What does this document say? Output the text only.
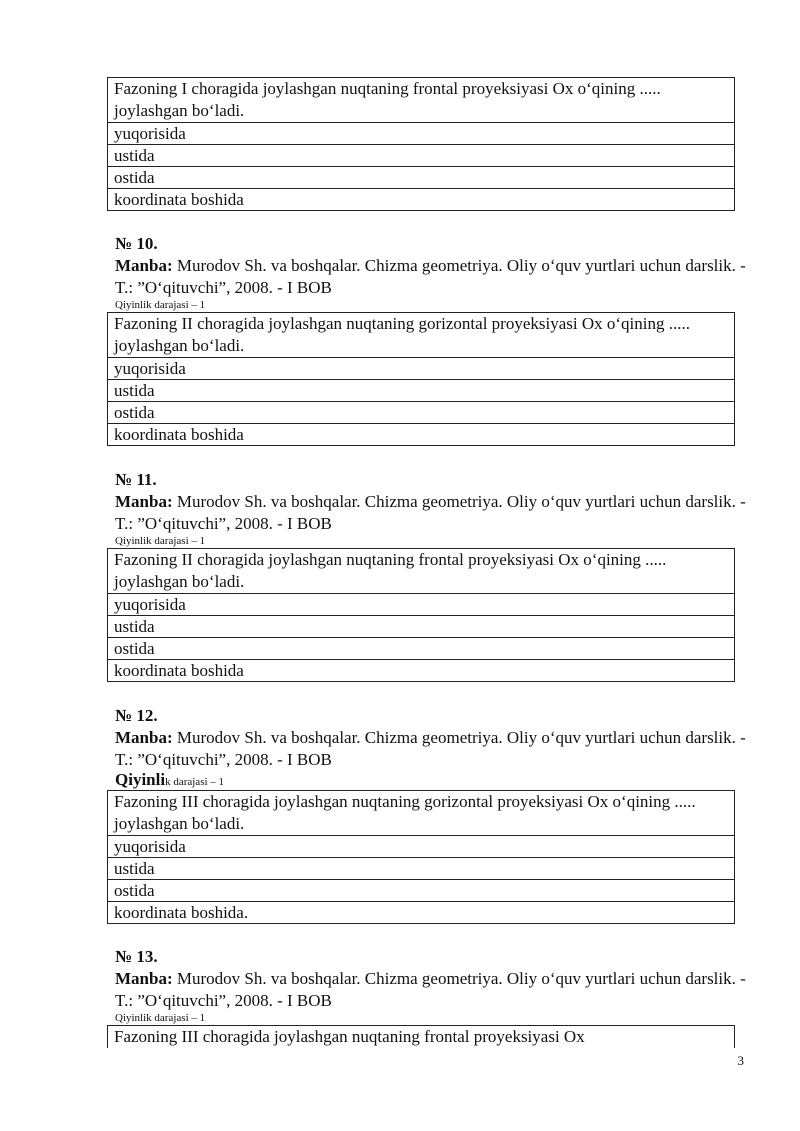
Fazoning I choragida joylashgan nuqtaning frontal proyeksiyasi Ox o‘qining ..... joylashgan bo‘ladi.
yuqorisida
ustida
ostida
koordinata boshida
№ 10.
Manba: Murodov Sh. va boshqalar. Chizma geometriya. Oliy o‘quv yurtlari uchun darslik. -T.: ”O‘qituvchi”, 2008. - I BOB
Qiyinlik darajasi – 1
Fazoning II choragida joylashgan nuqtaning gorizontal proyeksiyasi Ox o‘qining ..... joylashgan bo‘ladi.
yuqorisida
ustida
ostida
koordinata boshida
№ 11.
Manba: Murodov Sh. va boshqalar. Chizma geometriya. Oliy o‘quv yurtlari uchun darslik. -T.: ”O‘qituvchi”, 2008. - I BOB
Qiyinlik darajasi – 1
Fazoning II choragida joylashgan nuqtaning frontal proyeksiyasi Ox o‘qining ..... joylashgan bo‘ladi.
yuqorisida
ustida
ostida
koordinata boshida
№ 12.
Manba: Murodov Sh. va boshqalar. Chizma geometriya. Oliy o‘quv yurtlari uchun darslik. -T.: ”O‘qituvchi”, 2008. - I BOB
Qiyinlik darajasi – 1
Fazoning III choragida joylashgan nuqtaning gorizontal proyeksiyasi Ox o‘qining ..... joylashgan bo‘ladi.
yuqorisida
ustida
ostida
koordinata boshida.
№ 13.
Manba: Murodov Sh. va boshqalar. Chizma geometriya. Oliy o‘quv yurtlari uchun darslik. -T.: ”O‘qituvchi”, 2008. - I BOB
Qiyinlik darajasi – 1
Fazoning III choragida joylashgan nuqtaning frontal proyeksiyasi Ox
3
